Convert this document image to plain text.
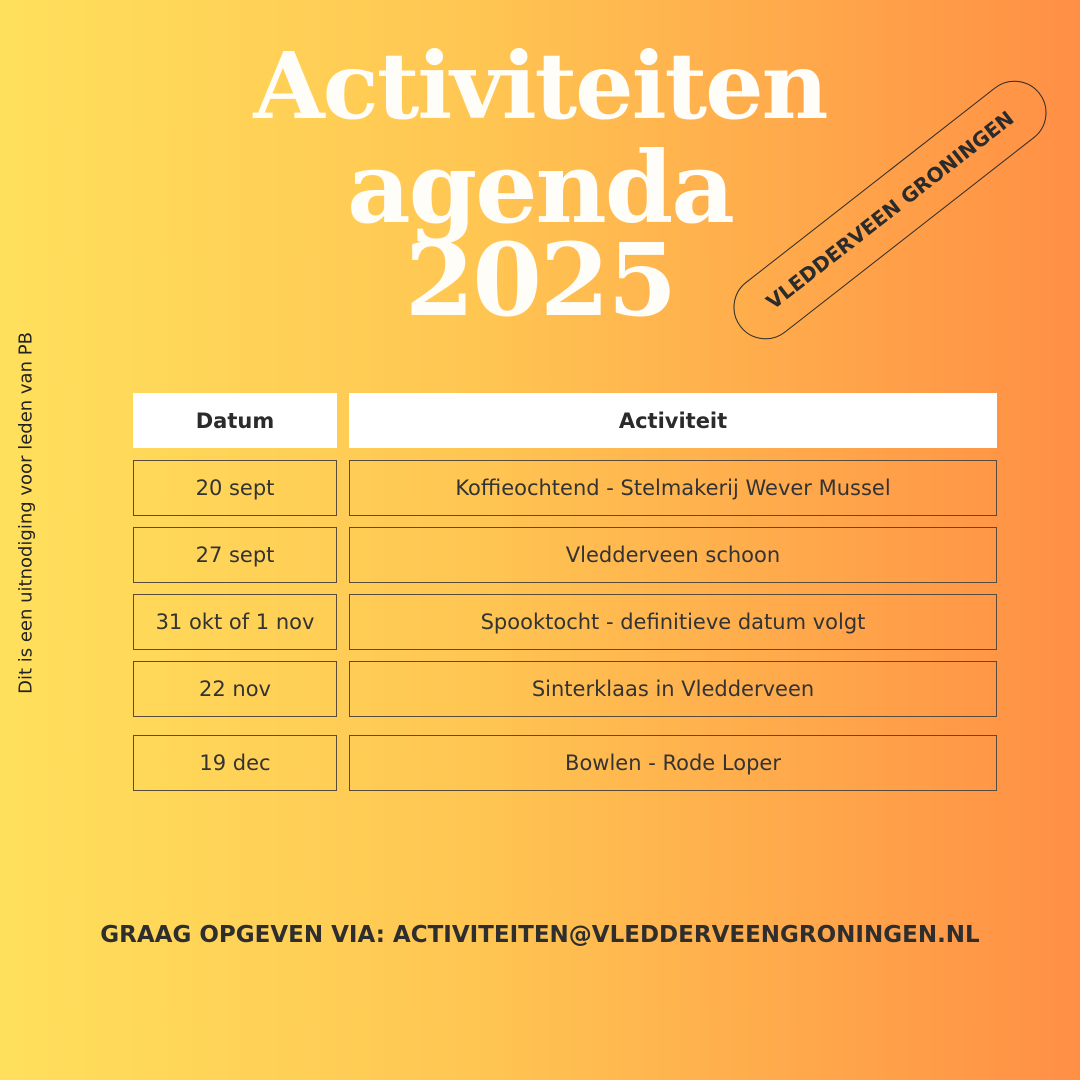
Activiteiten
agenda
2025	VLEDDERVEEN GRONINGEN
Dit is een uitnodiging voor leden van PB	Datum	Activiteit
20 sept	Koffieochtend - Stelmakerij Wever Mussel
27 sept	Vledderveen schoon
31 okt of 1 nov	Spooktocht - definitieve datum volgt
22 nov	Sinterklaas in Vledderveen
19 dec	Bowlen - Rode Loper
GRAAG OPGEVEN VIA: ACTIVITEITEN@VLEDDERVEENGRONINGEN.NL
